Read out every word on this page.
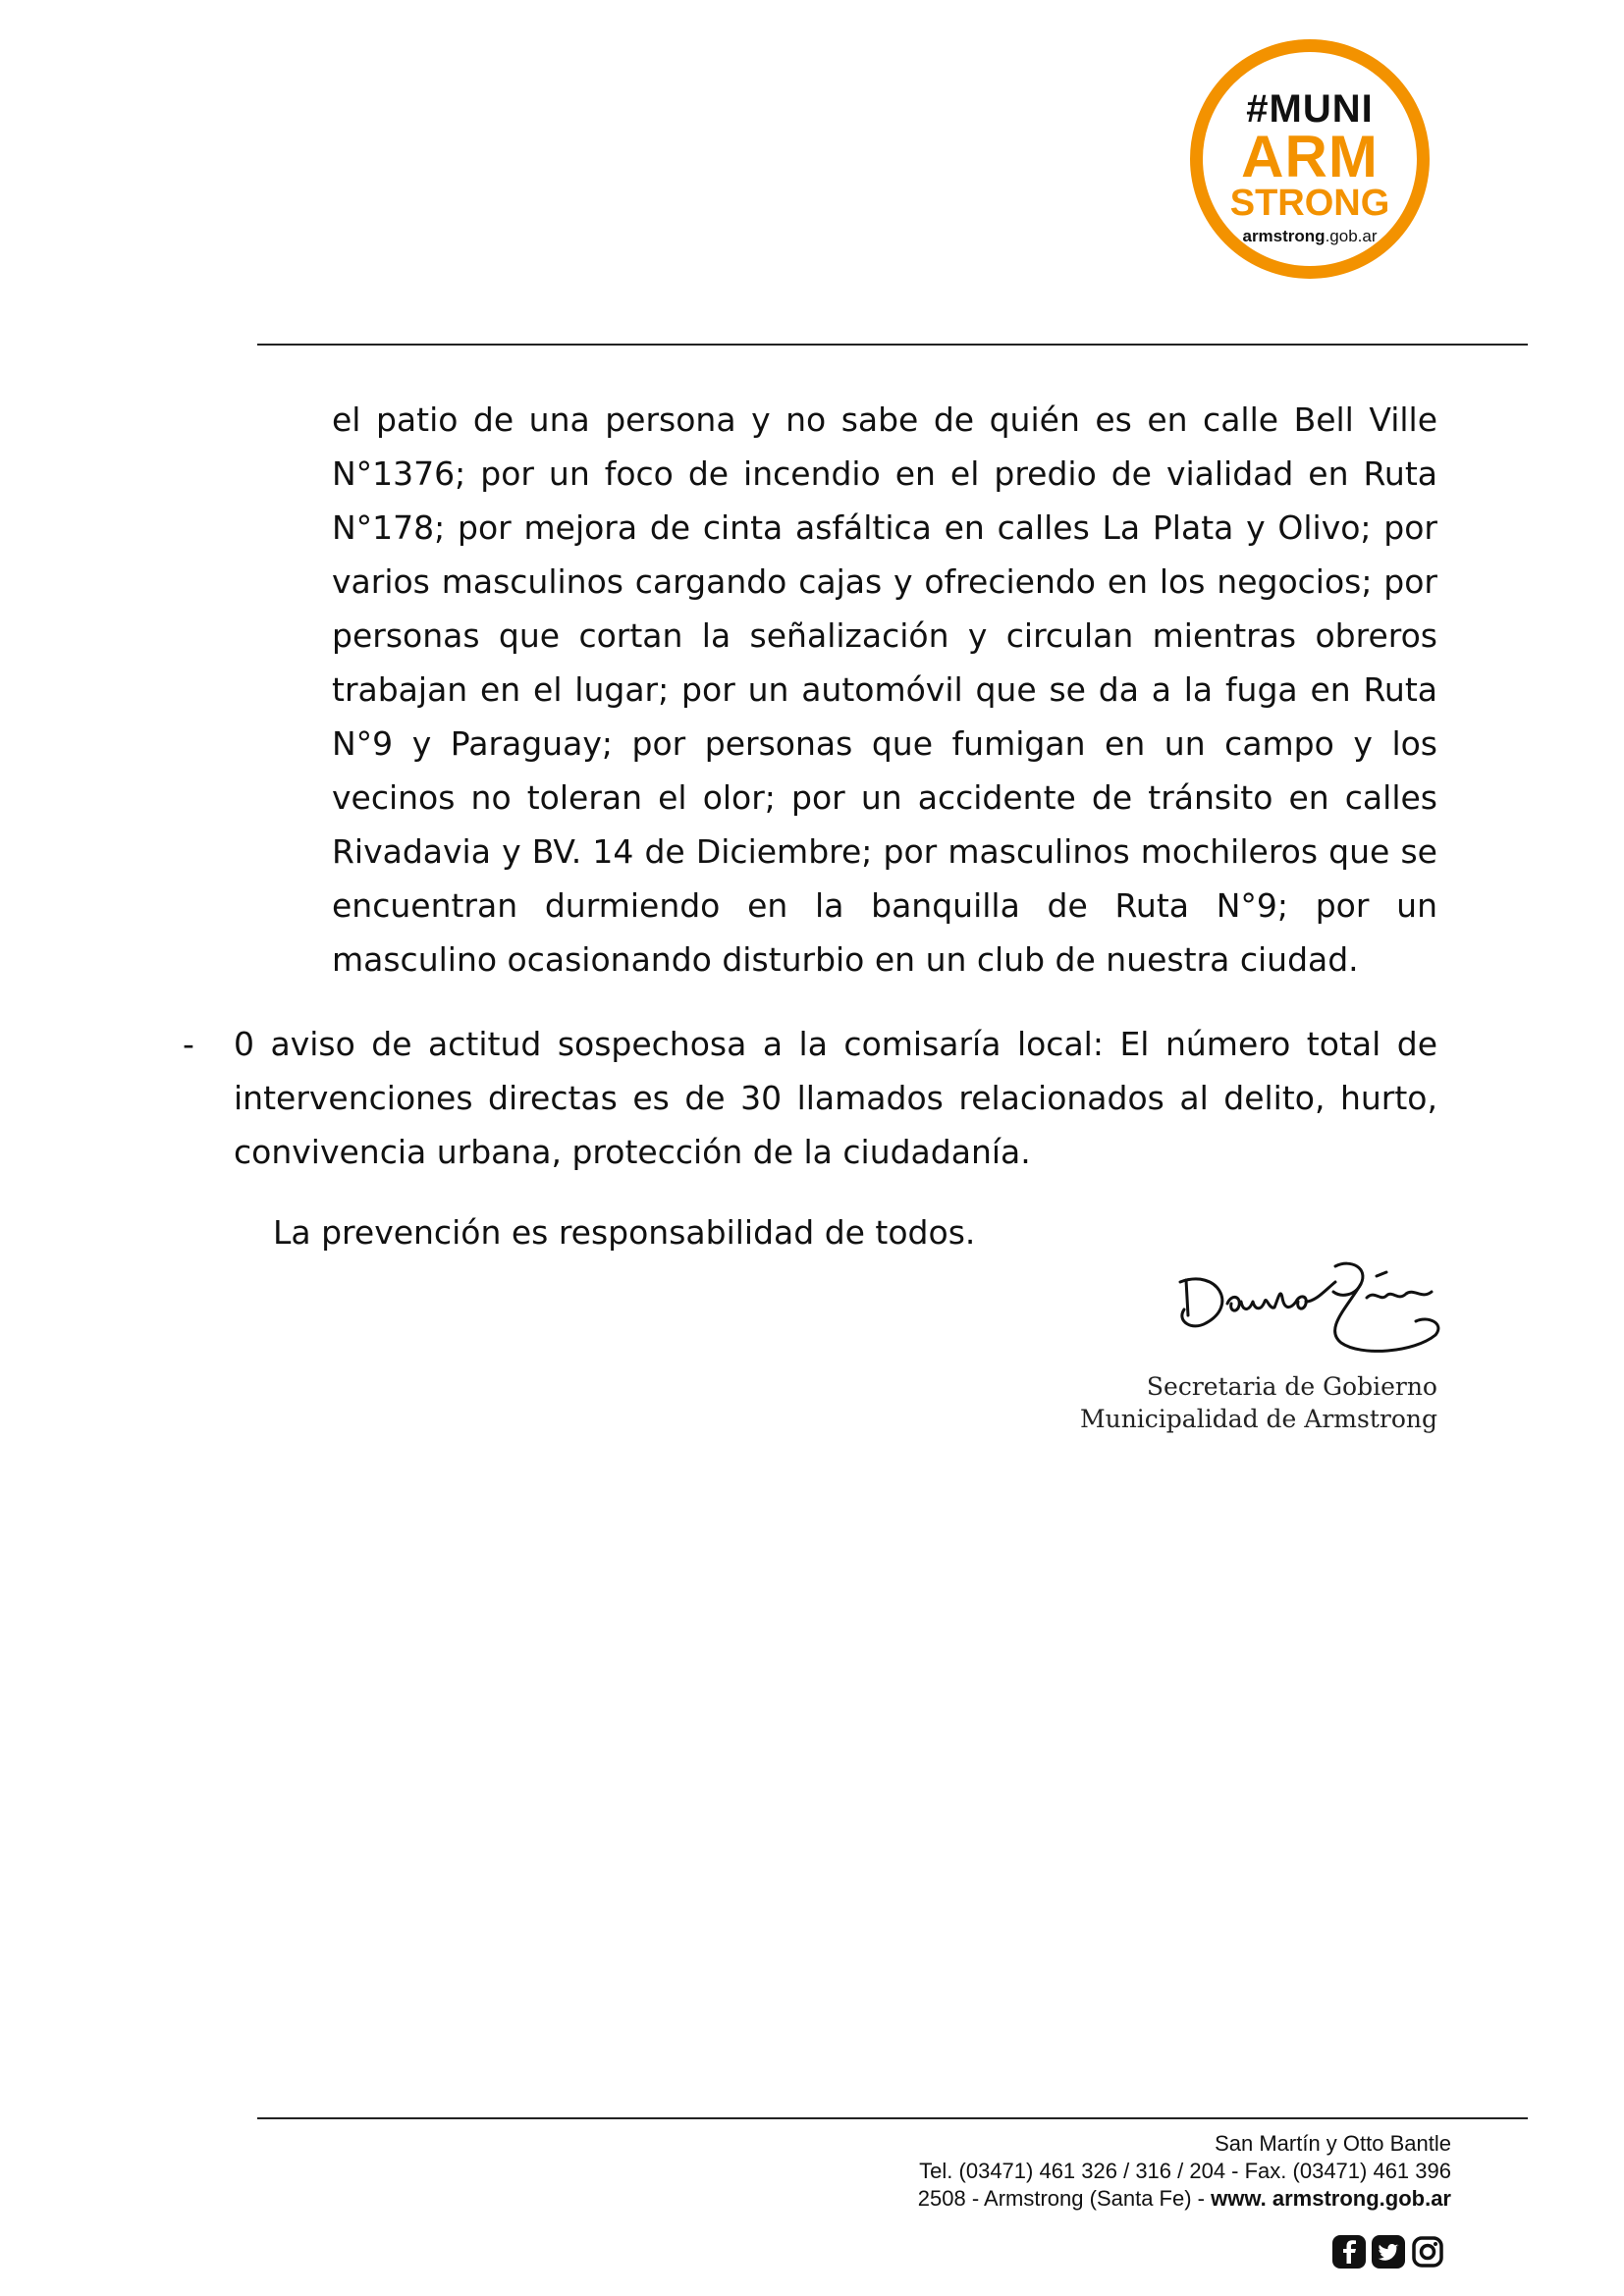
#MUNI
ARM
STRONG
armstrong.gob.ar

el patio de una persona y no sabe de quién es en calle Bell Ville N°1376; por un foco de incendio en el predio de vialidad en Ruta N°178; por mejora de cinta asfáltica en calles La Plata y Olivo; por varios masculinos cargando cajas y ofreciendo en los negocios; por personas que cortan la señalización y circulan mientras obreros trabajan en el lugar; por un automóvil que se da a la fuga en Ruta N°9 y Paraguay; por personas que fumigan en un campo y los vecinos no toleran el olor; por un accidente de tránsito en calles Rivadavia y BV. 14 de Diciembre; por masculinos mochileros que se encuentran durmiendo en la banquilla de Ruta N°9; por un masculino ocasionando disturbio en un club de nuestra ciudad.

- 0 aviso de actitud sospechosa a la comisaría local: El número total de intervenciones directas es de 30 llamados relacionados al delito, hurto, convivencia urbana, protección de la ciudadanía.

La prevención es responsabilidad de todos.

Secretaria de Gobierno
Municipalidad de Armstrong
San Martín y Otto Bantle
Tel. (03471) 461 326 / 316 / 204 - Fax. (03471) 461 396
2508 - Armstrong (Santa Fe) - www. armstrong.gob.ar
